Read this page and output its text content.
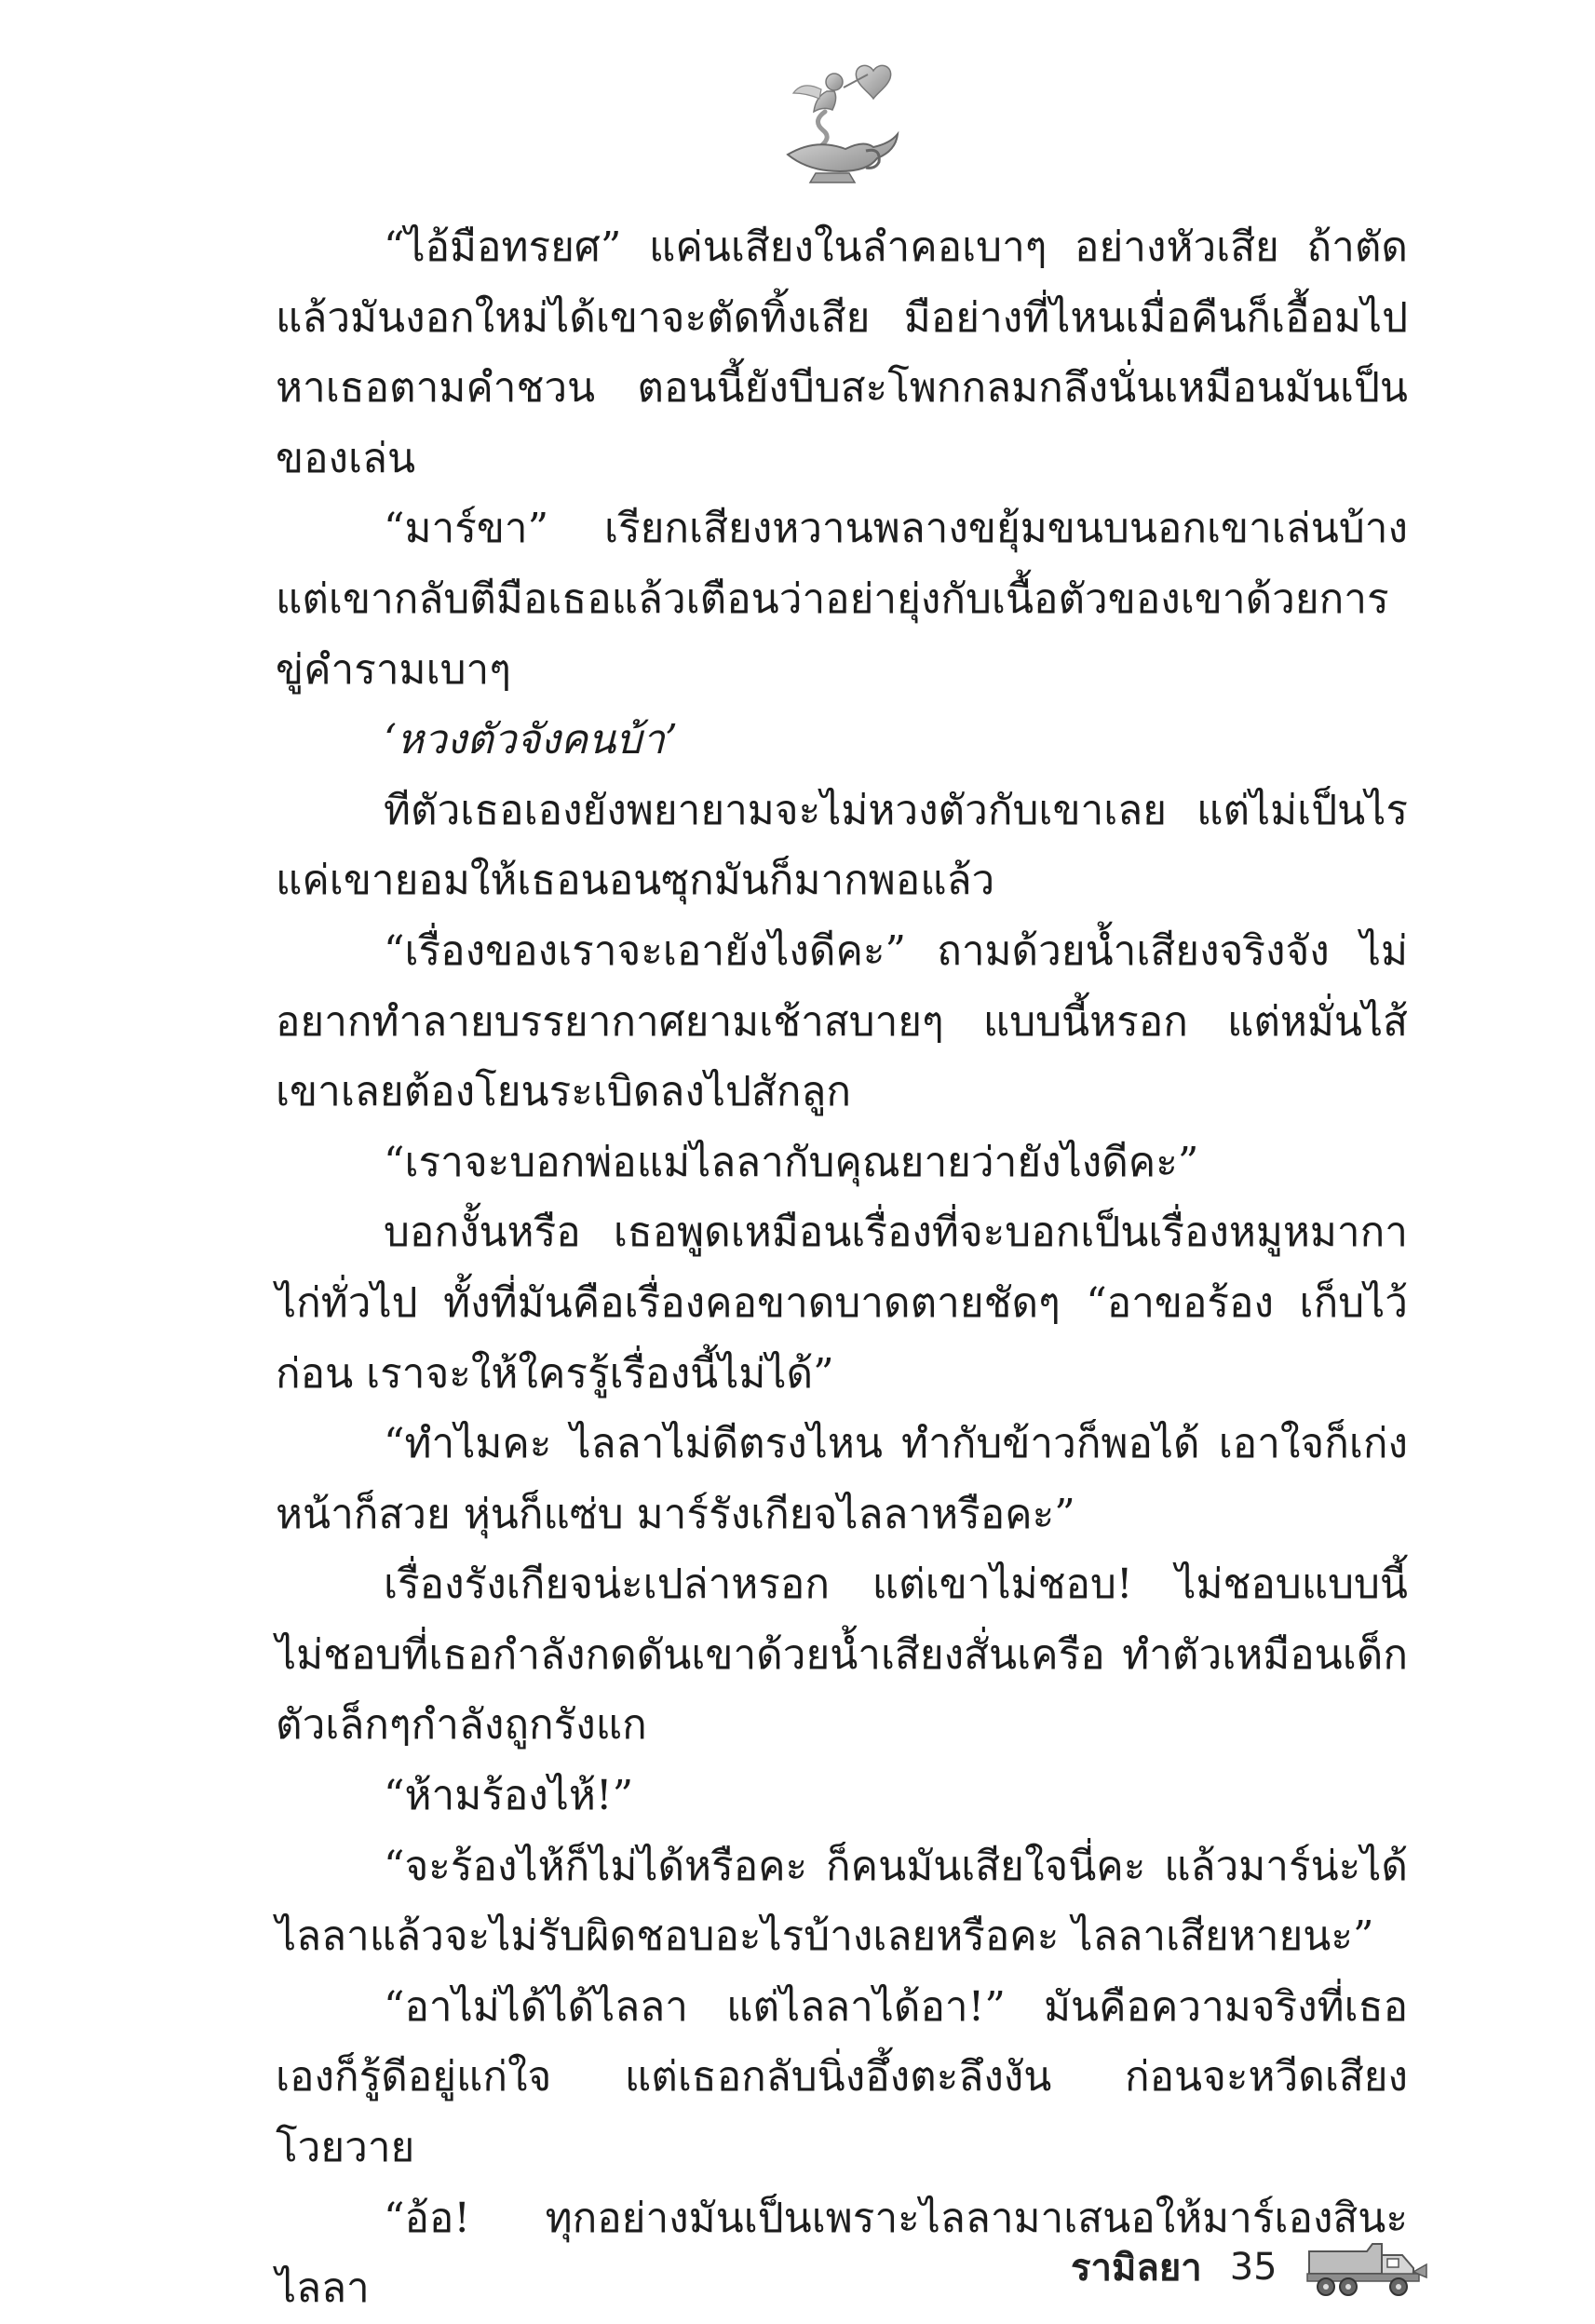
“ไอ้มือทรยศ” แค่นเสียงในลำคอเบาๆ อย่างหัวเสีย ถ้าตัดแล้วมันงอกใหม่ได้เขาจะตัดทิ้งเสีย มือย่างที่ไหนเมื่อคืนก็เอื้อมไปหาเธอตามคำชวน ตอนนี้ยังบีบสะโพกกลมกลึงนั่นเหมือนมันเป็นของเล่น

“มาร์ขา” เรียกเสียงหวานพลางขยุ้มขนบนอกเขาเล่นบ้าง แต่เขากลับตีมือเธอแล้วเตือนว่าอย่ายุ่งกับเนื้อตัวของเขาด้วยการขู่คำรามเบาๆ

‘หวงตัวจังคนบ้า’

ทีตัวเธอเองยังพยายามจะไม่หวงตัวกับเขาเลย แต่ไม่เป็นไรแค่เขายอมให้เธอนอนซุกมันก็มากพอแล้ว

“เรื่องของเราจะเอายังไงดีคะ” ถามด้วยน้ำเสียงจริงจัง ไม่อยากทำลายบรรยากาศยามเช้าสบายๆ แบบนี้หรอก แต่หมั่นไส้เขาเลยต้องโยนระเบิดลงไปสักลูก

“เราจะบอกพ่อแม่ไลลากับคุณยายว่ายังไงดีคะ”

บอกงั้นหรือ เธอพูดเหมือนเรื่องที่จะบอกเป็นเรื่องหมูหมากาไก่ทั่วไป ทั้งที่มันคือเรื่องคอขาดบาดตายชัดๆ “อาขอร้อง เก็บไว้ก่อน เราจะให้ใครรู้เรื่องนี้ไม่ได้”

“ทำไมคะ ไลลาไม่ดีตรงไหน ทำกับข้าวก็พอได้ เอาใจก็เก่งหน้าก็สวย หุ่นก็แซ่บ มาร์รังเกียจไลลาหรือคะ”

เรื่องรังเกียจน่ะเปล่าหรอก แต่เขาไม่ชอบ! ไม่ชอบแบบนี้ ไม่ชอบที่เธอกำลังกดดันเขาด้วยน้ำเสียงสั่นเครือ ทำตัวเหมือนเด็กตัวเล็กๆกำลังถูกรังแก

“ห้ามร้องไห้!”

“จะร้องไห้ก็ไม่ได้หรือคะ ก็คนมันเสียใจนี่คะ แล้วมาร์น่ะได้ไลลาแล้วจะไม่รับผิดชอบอะไรบ้างเลยหรือคะ ไลลาเสียหายนะ”

“อาไม่ได้ได้ไลลา แต่ไลลาได้อา!” มันคือความจริงที่เธอเองก็รู้ดีอยู่แก่ใจ แต่เธอกลับนิ่งอึ้งตะลึงงัน ก่อนจะหวีดเสียงโวยวาย

“อ้อ! ทุกอย่างมันเป็นเพราะไลลามาเสนอให้มาร์เองสินะ ไลลา	รามิลยา 35
